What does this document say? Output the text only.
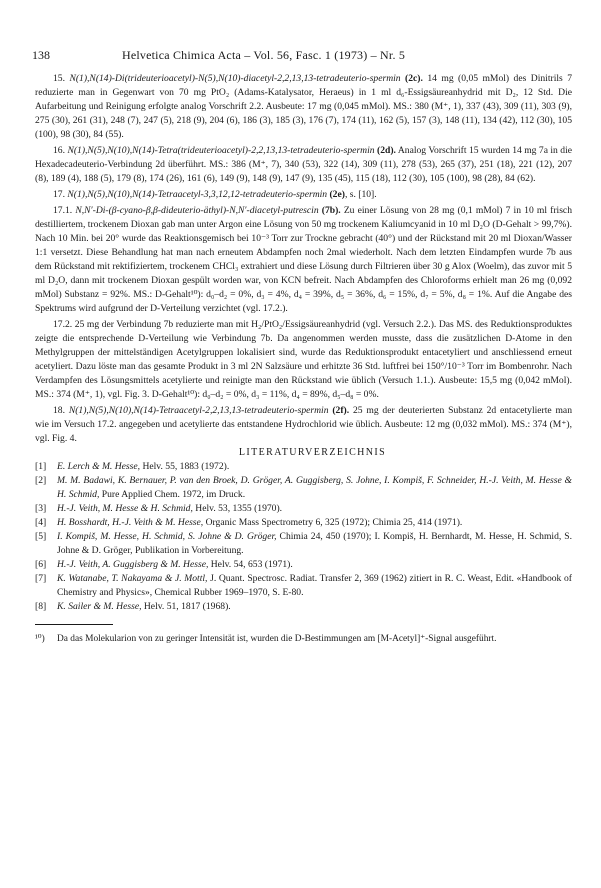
138	Helvetica Chimica Acta – Vol. 56, Fasc. 1 (1973) – Nr. 5

15. N(1),N(14)-Di(trideuterioacetyl)-N(5),N(10)-diacetyl-2,2,13,13-tetradeuterio-spermin (2c). 14 mg (0,05 mMol) des Dinitrils 7 reduzierte man in Gegenwart von 70 mg PtO₂ (Adams-Katalysator, Heraeus) in 1 ml d₆-Essigsäureanhydrid mit D₂, 12 Std. Die Aufarbeitung und Reinigung erfolgte analog Vorschrift 2.2. Ausbeute: 17 mg (0,045 mMol). MS.: 380 (M⁺, 1), 337 (43), 309 (11), 303 (9), 275 (30), 261 (31), 248 (7), 247 (5), 218 (9), 204 (6), 186 (3), 185 (3), 176 (7), 174 (11), 162 (5), 157 (3), 148 (11), 134 (42), 112 (30), 105 (100), 98 (30), 84 (55).

16. N(1),N(5),N(10),N(14)-Tetra(trideuterioacetyl)-2,2,13,13-tetradeuterio-spermin (2d). Analog Vorschrift 15 wurden 14 mg 7a in die Hexadecadeuterio-Verbindung 2d überführt. MS.: 386 (M⁺, 7), 340 (53), 322 (14), 309 (11), 278 (53), 265 (37), 251 (18), 221 (12), 207 (8), 189 (4), 188 (5), 179 (8), 174 (26), 161 (6), 149 (9), 148 (9), 147 (9), 135 (45), 115 (18), 112 (30), 105 (100), 98 (28), 84 (62).

17. N(1),N(5),N(10),N(14)-Tetraacetyl-3,3,12,12-tetradeuterio-spermin (2e), s. [10].

17.1. N,N′-Di-(β-cyano-β,β-dideuterio-äthyl)-N,N′-diacetyl-putrescin (7b). Zu einer Lösung von 28 mg (0,1 mMol) 7 in 10 ml frisch destilliertem, trockenem Dioxan gab man unter Argon eine Lösung von 50 mg trockenem Kaliumcyanid in 10 ml D₂O (D-Gehalt > 99,7%). Nach 10 Min. bei 20° wurde das Reaktionsgemisch bei 10⁻³ Torr zur Trockne gebracht (40°) und der Rückstand mit 20 ml Dioxan/Wasser 1:1 versetzt. Diese Behandlung hat man nach erneutem Abdampfen noch 2mal wiederholt. Nach dem letzten Eindampfen wurde 7b aus dem Rückstand mit rektifiziertem, trockenem CHCl₃ extrahiert und diese Lösung durch Filtrieren über 30 g Alox (Woelm), das zuvor mit 5 ml D₂O, dann mit trockenem Dioxan gespült worden war, von KCN befreit. Nach Abdampfen des Chloroforms erhielt man 26 mg (0,092 mMol) Substanz = 92%. MS.: D-Gehalt¹⁰): d₀–d₂ = 0%, d₃ = 4%, d₄ = 39%, d₅ = 36%, d₆ = 15%, d₇ = 5%, d₈ = 1%. Auf die Angabe des Spektrums wird aufgrund der D-Verteilung verzichtet (vgl. 17.2.).

17.2. 25 mg der Verbindung 7b reduzierte man mit H₂/PtO₂/Essigsäureanhydrid (vgl. Versuch 2.2.). Das MS. des Reduktionsproduktes zeigte die entsprechende D-Verteilung wie Verbindung 7b. Da angenommen werden musste, dass die zusätzlichen D-Atome in den Methylgruppen der mittelständigen Acetylgruppen lokalisiert sind, wurde das Reduktionsprodukt entacetyliert und anschliessend erneut acetyliert. Dazu löste man das gesamte Produkt in 3 ml 2N Salzsäure und erhitzte 36 Std. luftfrei bei 150°/10⁻³ Torr im Bombenrohr. Nach Verdampfen des Lösungsmittels acetylierte und reinigte man den Rückstand wie üblich (Versuch 1.1.). Ausbeute: 15,5 mg (0,042 mMol). MS.: 374 (M⁺, 1), vgl. Fig. 3. D-Gehalt¹⁰): d₀–d₂ = 0%, d₃ = 11%, d₄ = 89%, d₅–d₈ = 0%.

18. N(1),N(5),N(10),N(14)-Tetraacetyl-2,2,13,13-tetradeuterio-spermin (2f). 25 mg der deuterierten Substanz 2d entacetylierte man wie im Versuch 17.2. angegeben und acetylierte das entstandene Hydrochlorid wie üblich. Ausbeute: 12 mg (0,032 mMol). MS.: 374 (M⁺), vgl. Fig. 4.

LITERATURVERZEICHNIS

[1] E. Lerch & M. Hesse, Helv. 55, 1883 (1972).
[2] M. M. Badawi, K. Bernauer, P. van den Broek, D. Gröger, A. Guggisberg, S. Johne, I. Kompiš, F. Schneider, H.-J. Veith, M. Hesse & H. Schmid, Pure Applied Chem. 1972, im Druck.
[3] H.-J. Veith, M. Hesse & H. Schmid, Helv. 53, 1355 (1970).
[4] H. Bosshardt, H.-J. Veith & M. Hesse, Organic Mass Spectrometry 6, 325 (1972); Chimia 25, 414 (1971).
[5] I. Kompiš, M. Hesse, H. Schmid, S. Johne & D. Gröger, Chimia 24, 450 (1970); I. Kompiš, H. Bernhardt, M. Hesse, H. Schmid, S. Johne & D. Gröger, Publikation in Vorbereitung.
[6] H.-J. Veith, A. Guggisberg & M. Hesse, Helv. 54, 653 (1971).
[7] K. Watanabe, T. Nakayama & J. Mottl, J. Quant. Spectrosc. Radiat. Transfer 2, 369 (1962) zitiert in R. C. Weast, Edit. «Handbook of Chemistry and Physics», Chemical Rubber 1969–1970, S. E-80.
[8] K. Sailer & M. Hesse, Helv. 51, 1817 (1968).
¹⁰) Da das Molekularion von zu geringer Intensität ist, wurden die D-Bestimmungen am [M-Acetyl]⁺-Signal ausgeführt.
